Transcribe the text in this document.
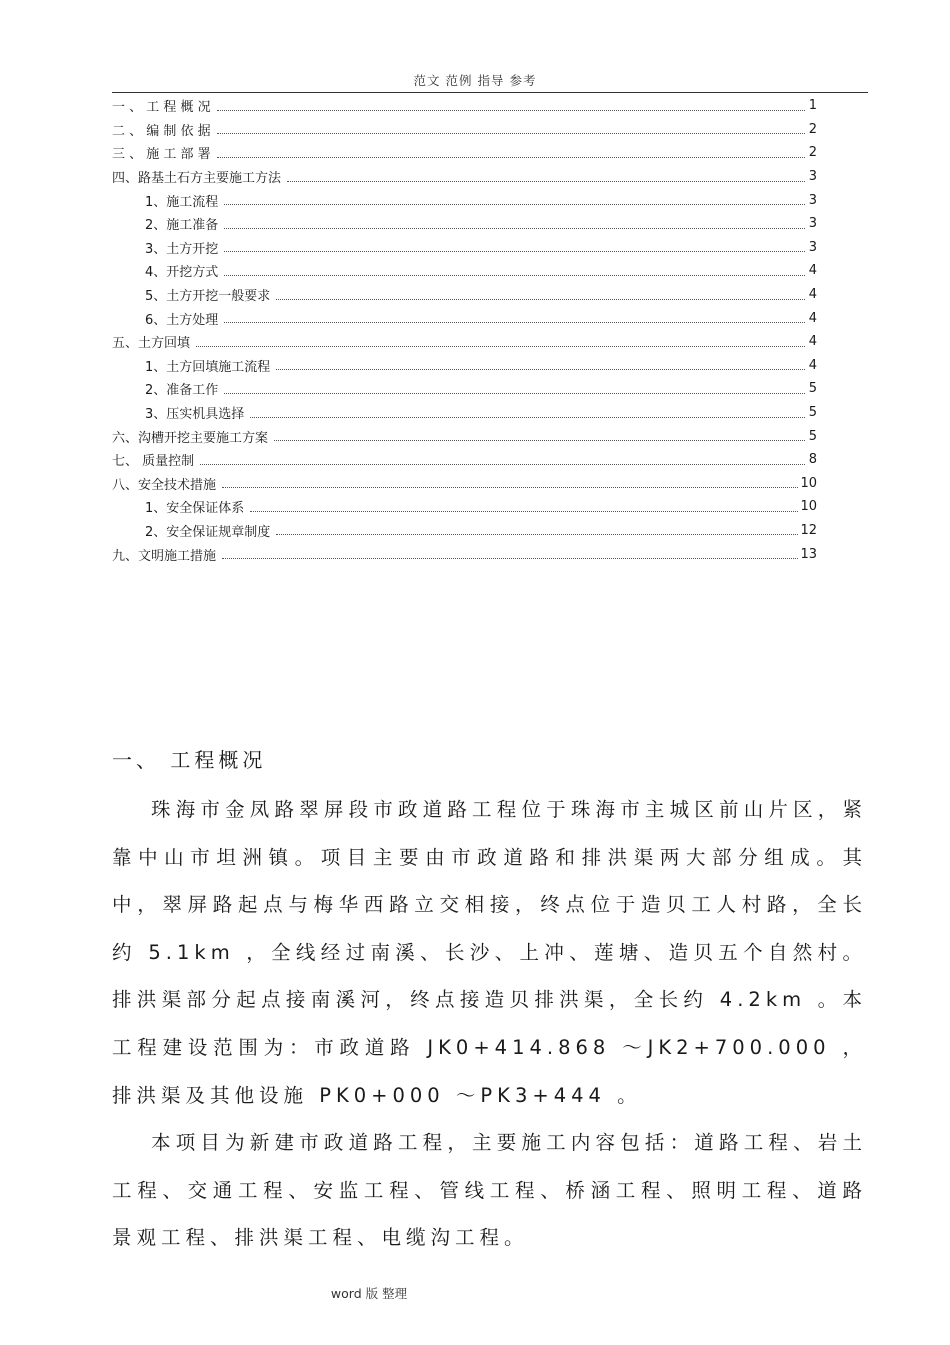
范文 范例 指导 参考
一 、 工 程 概 况	1
二 、 编 制 依 据	2
三 、 施 工 部 署	2
四、路基土石方主要施工方法	3
1、施工流程	3
2、施工准备	3
3、土方开挖	3
4、开挖方式	4
5、土方开挖一般要求	4
6、土方处理	4
五、土方回填	4
1、土方回填施工流程	4
2、准备工作	5
3、压实机具选择	5
六、沟槽开挖主要施工方案	5
七、 质量控制	8
八、安全技术措施	10
1、安全保证体系	10
2、安全保证规章制度	12
九、文明施工措施	13
一、 工程概况

珠海市金凤路翠屏段市政道路工程位于珠海市主城区前山片区，紧靠中山市坦洲镇。项目主要由市政道路和排洪渠两大部分组成。其中，翠屏路起点与梅华西路立交相接，终点位于造贝工人村路，全长约 5.1km ，全线经过南溪、长沙、上冲、莲塘、造贝五个自然村。排洪渠部分起点接南溪河，终点接造贝排洪渠，全长约 4.2km 。本工程建设范围为：市政道路 JK0+414.868 ～JK2+700.000 ，排洪渠及其他设施 PK0+000 ～PK3+444 。

本项目为新建市政道路工程，主要施工内容包括：道路工程、岩土工程、交通工程、安监工程、管线工程、桥涵工程、照明工程、道路景观工程、排洪渠工程、电缆沟工程。

word 版 整理
